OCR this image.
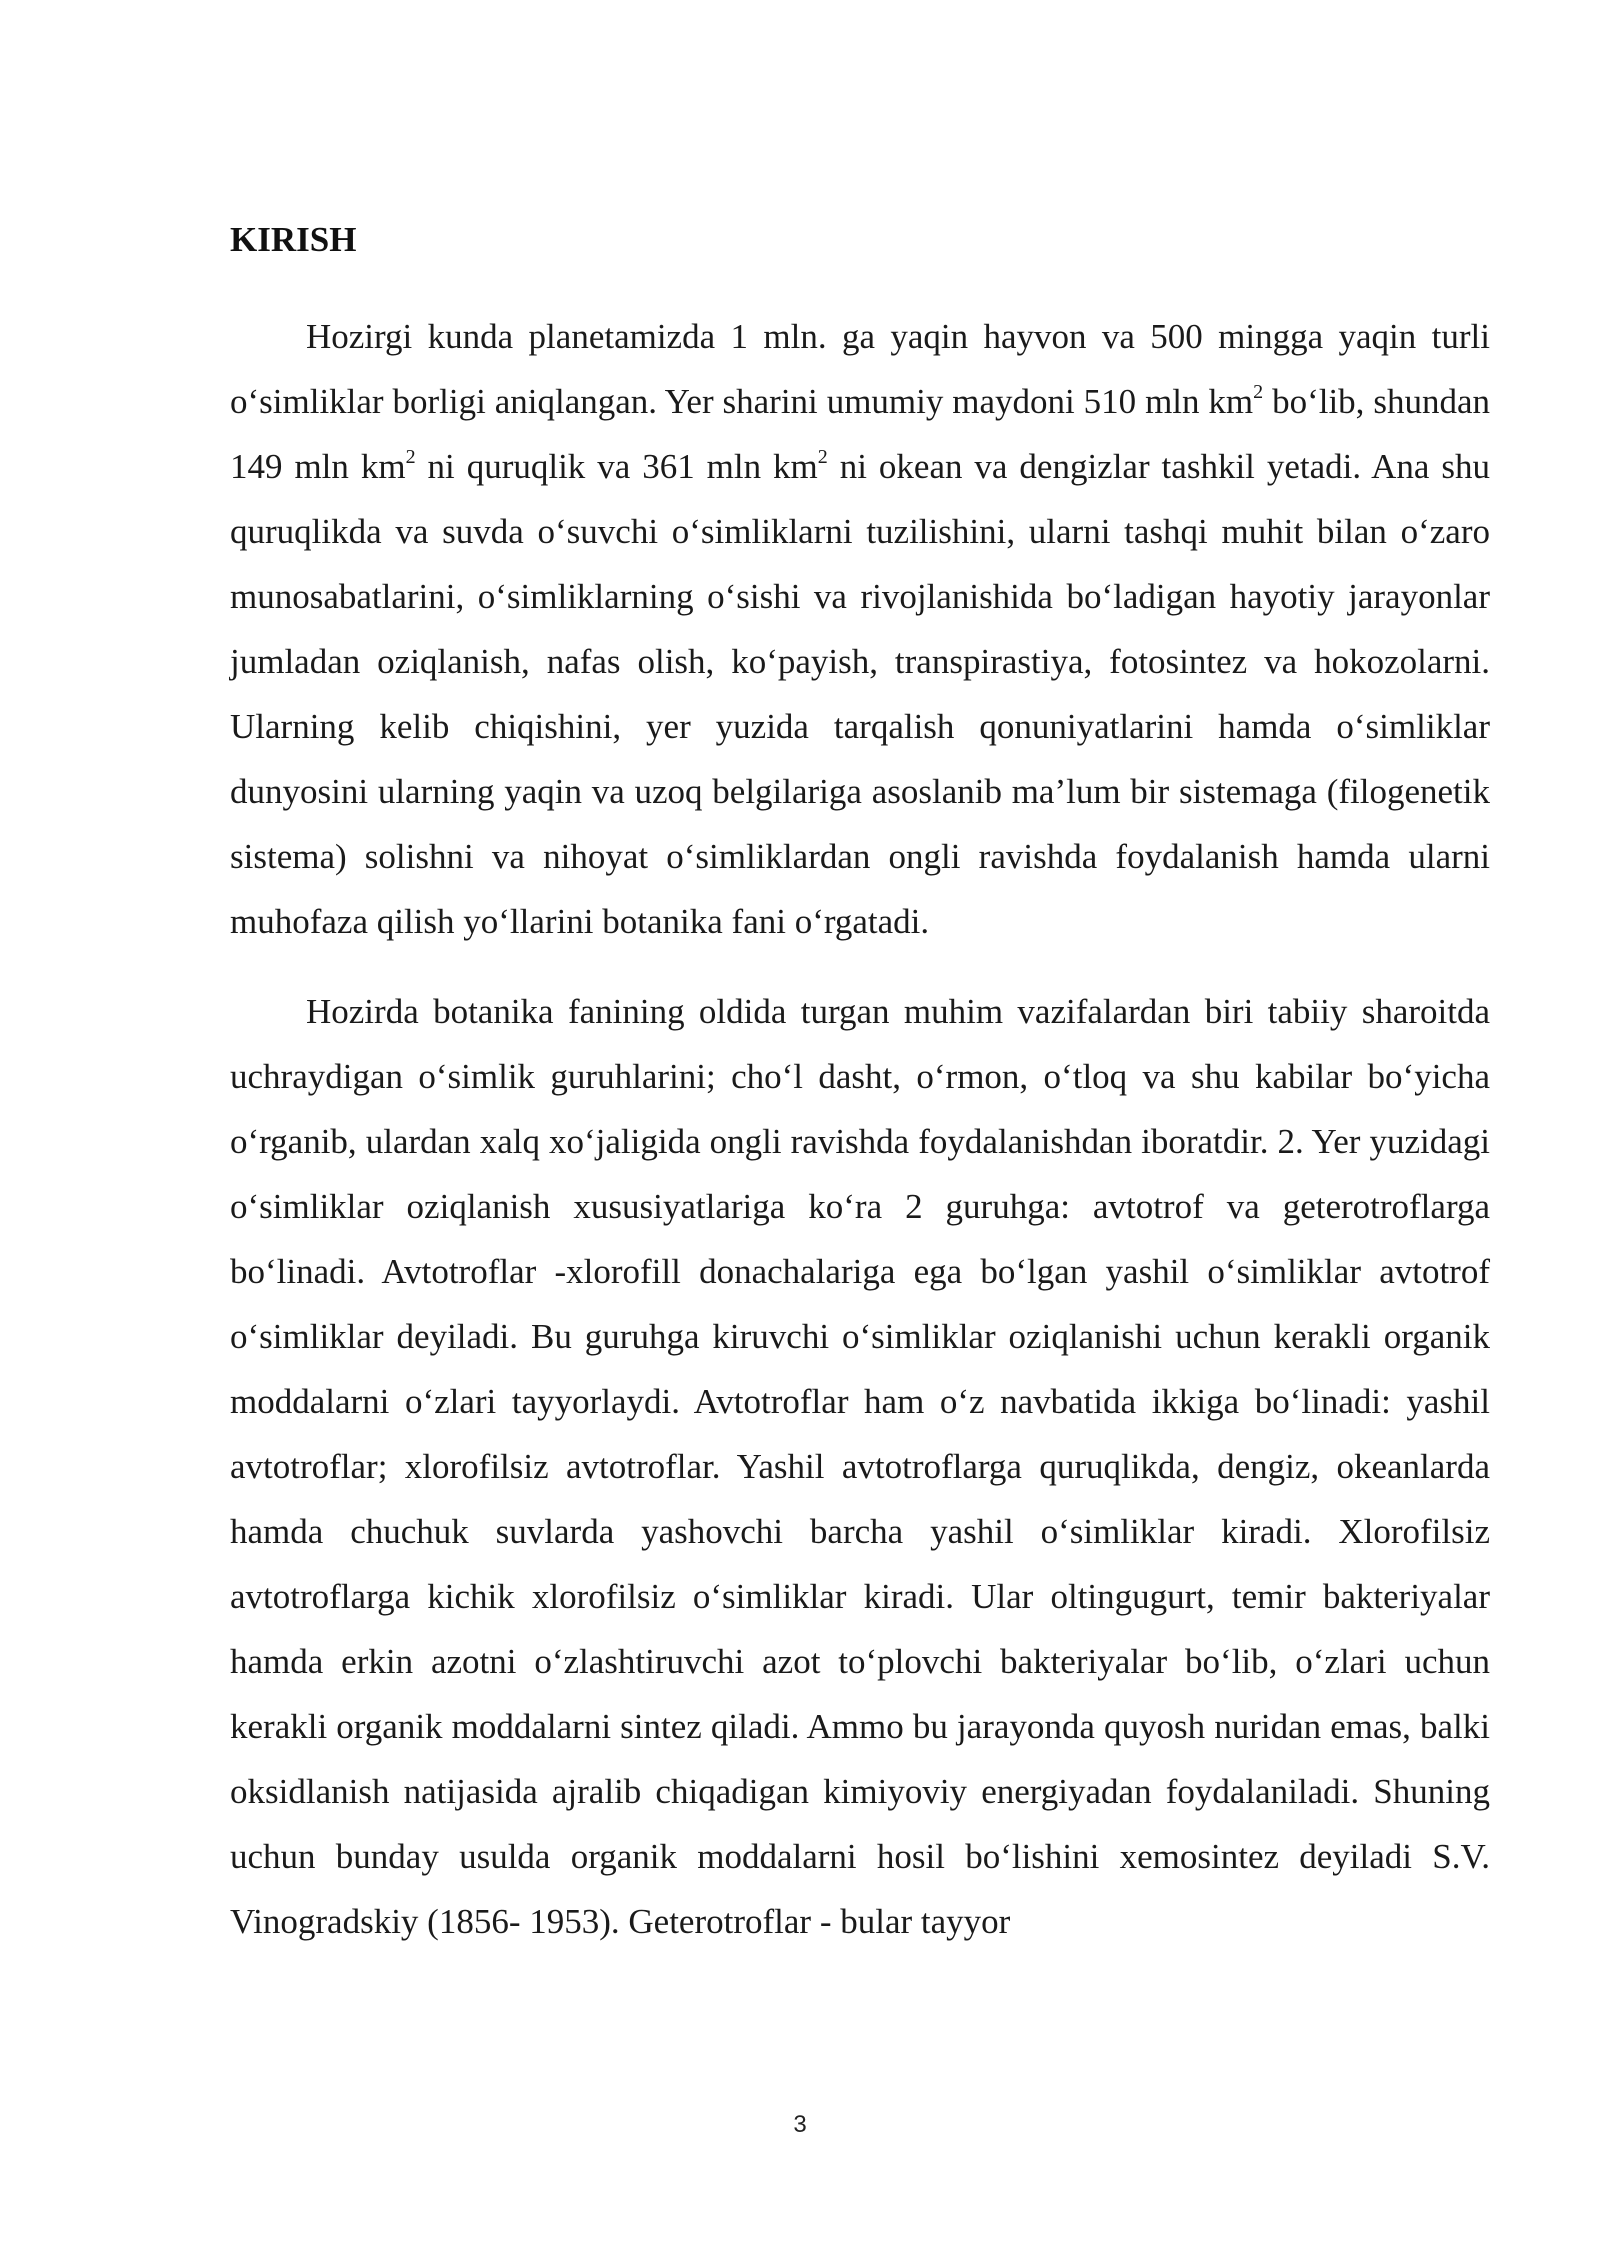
KIRISH

Hozirgi kunda planetamizda 1 mln. ga yaqin hayvon va 500 mingga yaqin turli o‘simliklar borligi aniqlangan. Yer sharini umumiy maydoni 510 mln $km^2$ bo‘lib, shundan 149 mln $km^2$ ni quruqlik va 361 mln $km^2$ ni okean va dengizlar tashkil yetadi. Ana shu quruqlikda va suvda o‘suvchi o‘simliklarni tuzilishini, ularni tashqi muhit bilan o‘zaro munosabatlarini, o‘simliklarning o‘sishi va rivojlanishida bo‘ladigan hayotiy jarayonlar jumladan oziqlanish, nafas olish, ko‘payish, transpirastiya, fotosintez va hokozolarni. Ularning kelib chiqishini, yer yuzida tarqalish qonuniyatlarini hamda o‘simliklar dunyosini ularning yaqin va uzoq belgilariga asoslanib ma’lum bir sistemaga (filogenetik sistema) solishni va nihoyat o‘simliklardan ongli ravishda foydalanish hamda ularni muhofaza qilish yo‘llarini botanika fani o‘rgatadi.

Hozirda botanika fanining oldida turgan muhim vazifalardan biri tabiiy sharoitda uchraydigan o‘simlik guruhlarini; cho‘l dasht, o‘rmon, o‘tloq va shu kabilar bo‘yicha o‘rganib, ulardan xalq xo‘jaligida ongli ravishda foydalanishdan iboratdir. 2. Yer yuzidagi o‘simliklar oziqlanish xususiyatlariga ko‘ra 2 guruhga: avtotrof va geterotroflarga bo‘linadi. Avtotroflar -xlorofill donachalariga ega bo‘lgan yashil o‘simliklar avtotrof o‘simliklar deyiladi. Bu guruhga kiruvchi o‘simliklar oziqlanishi uchun kerakli organik moddalarni o‘zlari tayyorlaydi. Avtotroflar ham o‘z navbatida ikkiga bo‘linadi: yashil avtotroflar; xlorofilsiz avtotroflar. Yashil avtotroflarga quruqlikda, dengiz, okeanlarda hamda chuchuk suvlarda yashovchi barcha yashil o‘simliklar kiradi. Xlorofilsiz avtotroflarga kichik xlorofilsiz o‘simliklar kiradi. Ular oltingugurt, temir bakteriyalar hamda erkin azotni o‘zlashtiruvchi azot to‘plovchi bakteriyalar bo‘lib, o‘zlari uchun kerakli organik moddalarni sintez qiladi. Ammo bu jarayonda quyosh nuridan emas, balki oksidlanish natijasida ajralib chiqadigan kimiyoviy energiyadan foydalaniladi. Shuning uchun bunday usulda organik moddalarni hosil bo‘lishini xemosintez deyiladi S.V. Vinogradskiy (1856- 1953). Geterotroflar - bular tayyor

3
